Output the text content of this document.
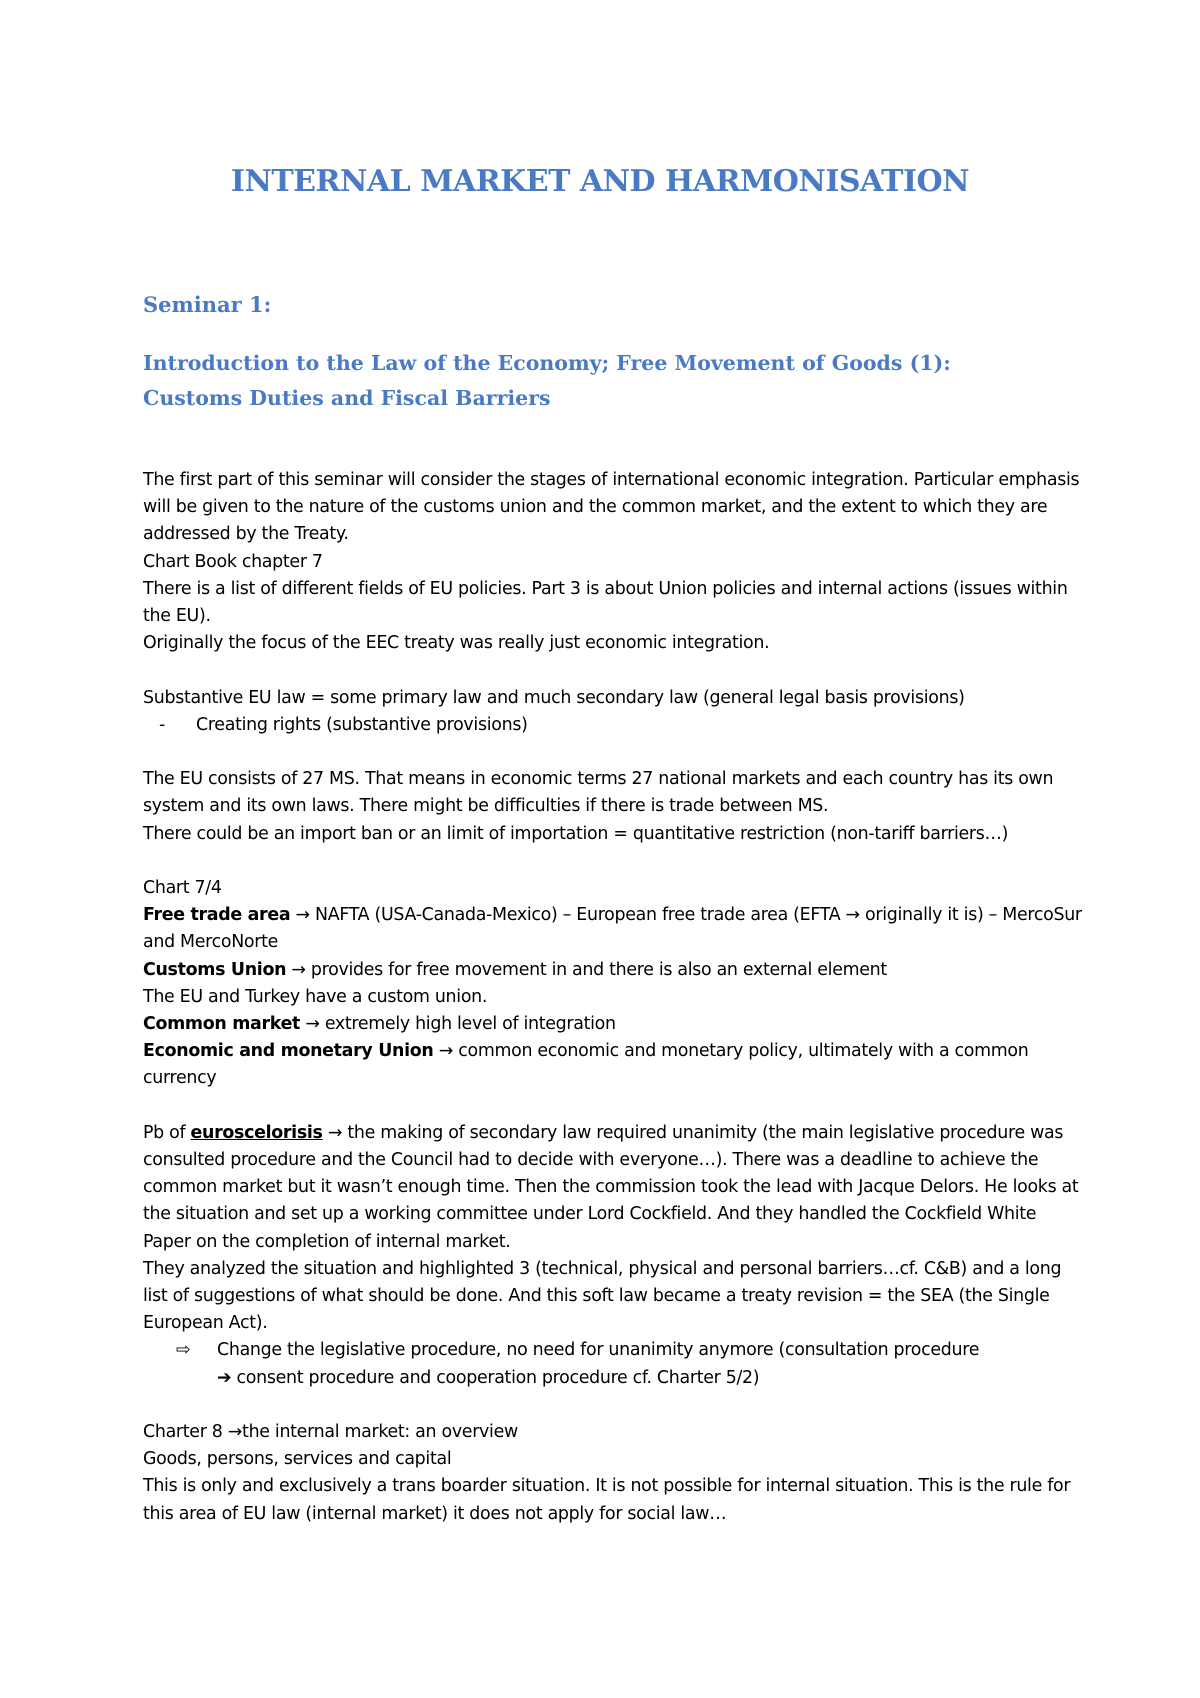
INTERNAL MARKET AND HARMONISATION
Seminar 1:
Introduction to the Law of the Economy; Free Movement of Goods (1):
Customs Duties and Fiscal Barriers

The first part of this seminar will consider the stages of international economic integration. Particular emphasis will be given to the nature of the customs union and the common market, and the extent to which they are addressed by the Treaty.

Chart Book chapter 7

There is a list of different fields of EU policies. Part 3 is about Union policies and internal actions (issues within the EU).

Originally the focus of the EEC treaty was really just economic integration.

Substantive EU law = some primary law and much secondary law (general legal basis provisions)

- Creating rights (substantive provisions)

The EU consists of 27 MS. That means in economic terms 27 national markets and each country has its own system and its own laws. There might be difficulties if there is trade between MS.

There could be an import ban or an limit of importation = quantitative restriction (non-tariff barriers…)

Chart 7/4

Free trade area → NAFTA (USA-Canada-Mexico) – European free trade area (EFTA → originally it is) – MercoSur and MercoNorte

Customs Union → provides for free movement in and there is also an external element

The EU and Turkey have a custom union.

Common market → extremely high level of integration

Economic and monetary Union → common economic and monetary policy, ultimately with a common currency

Pb of euroscelorisis → the making of secondary law required unanimity (the main legislative procedure was consulted procedure and the Council had to decide with everyone…). There was a deadline to achieve the common market but it wasn’t enough time. Then the commission took the lead with Jacque Delors. He looks at the situation and set up a working committee under Lord Cockfield. And they handled the Cockfield White Paper on the completion of internal market.

They analyzed the situation and highlighted 3 (technical, physical and personal barriers…cf. C&B) and a long list of suggestions of what should be done. And this soft law became a treaty revision = the SEA (the Single European Act).

⇨ Change the legislative procedure, no need for unanimity anymore (consultation procedure

➔ consent procedure and cooperation procedure cf. Charter 5/2)

Charter 8 →the internal market: an overview

Goods, persons, services and capital

This is only and exclusively a trans boarder situation. It is not possible for internal situation. This is the rule for this area of EU law (internal market) it does not apply for social law…
